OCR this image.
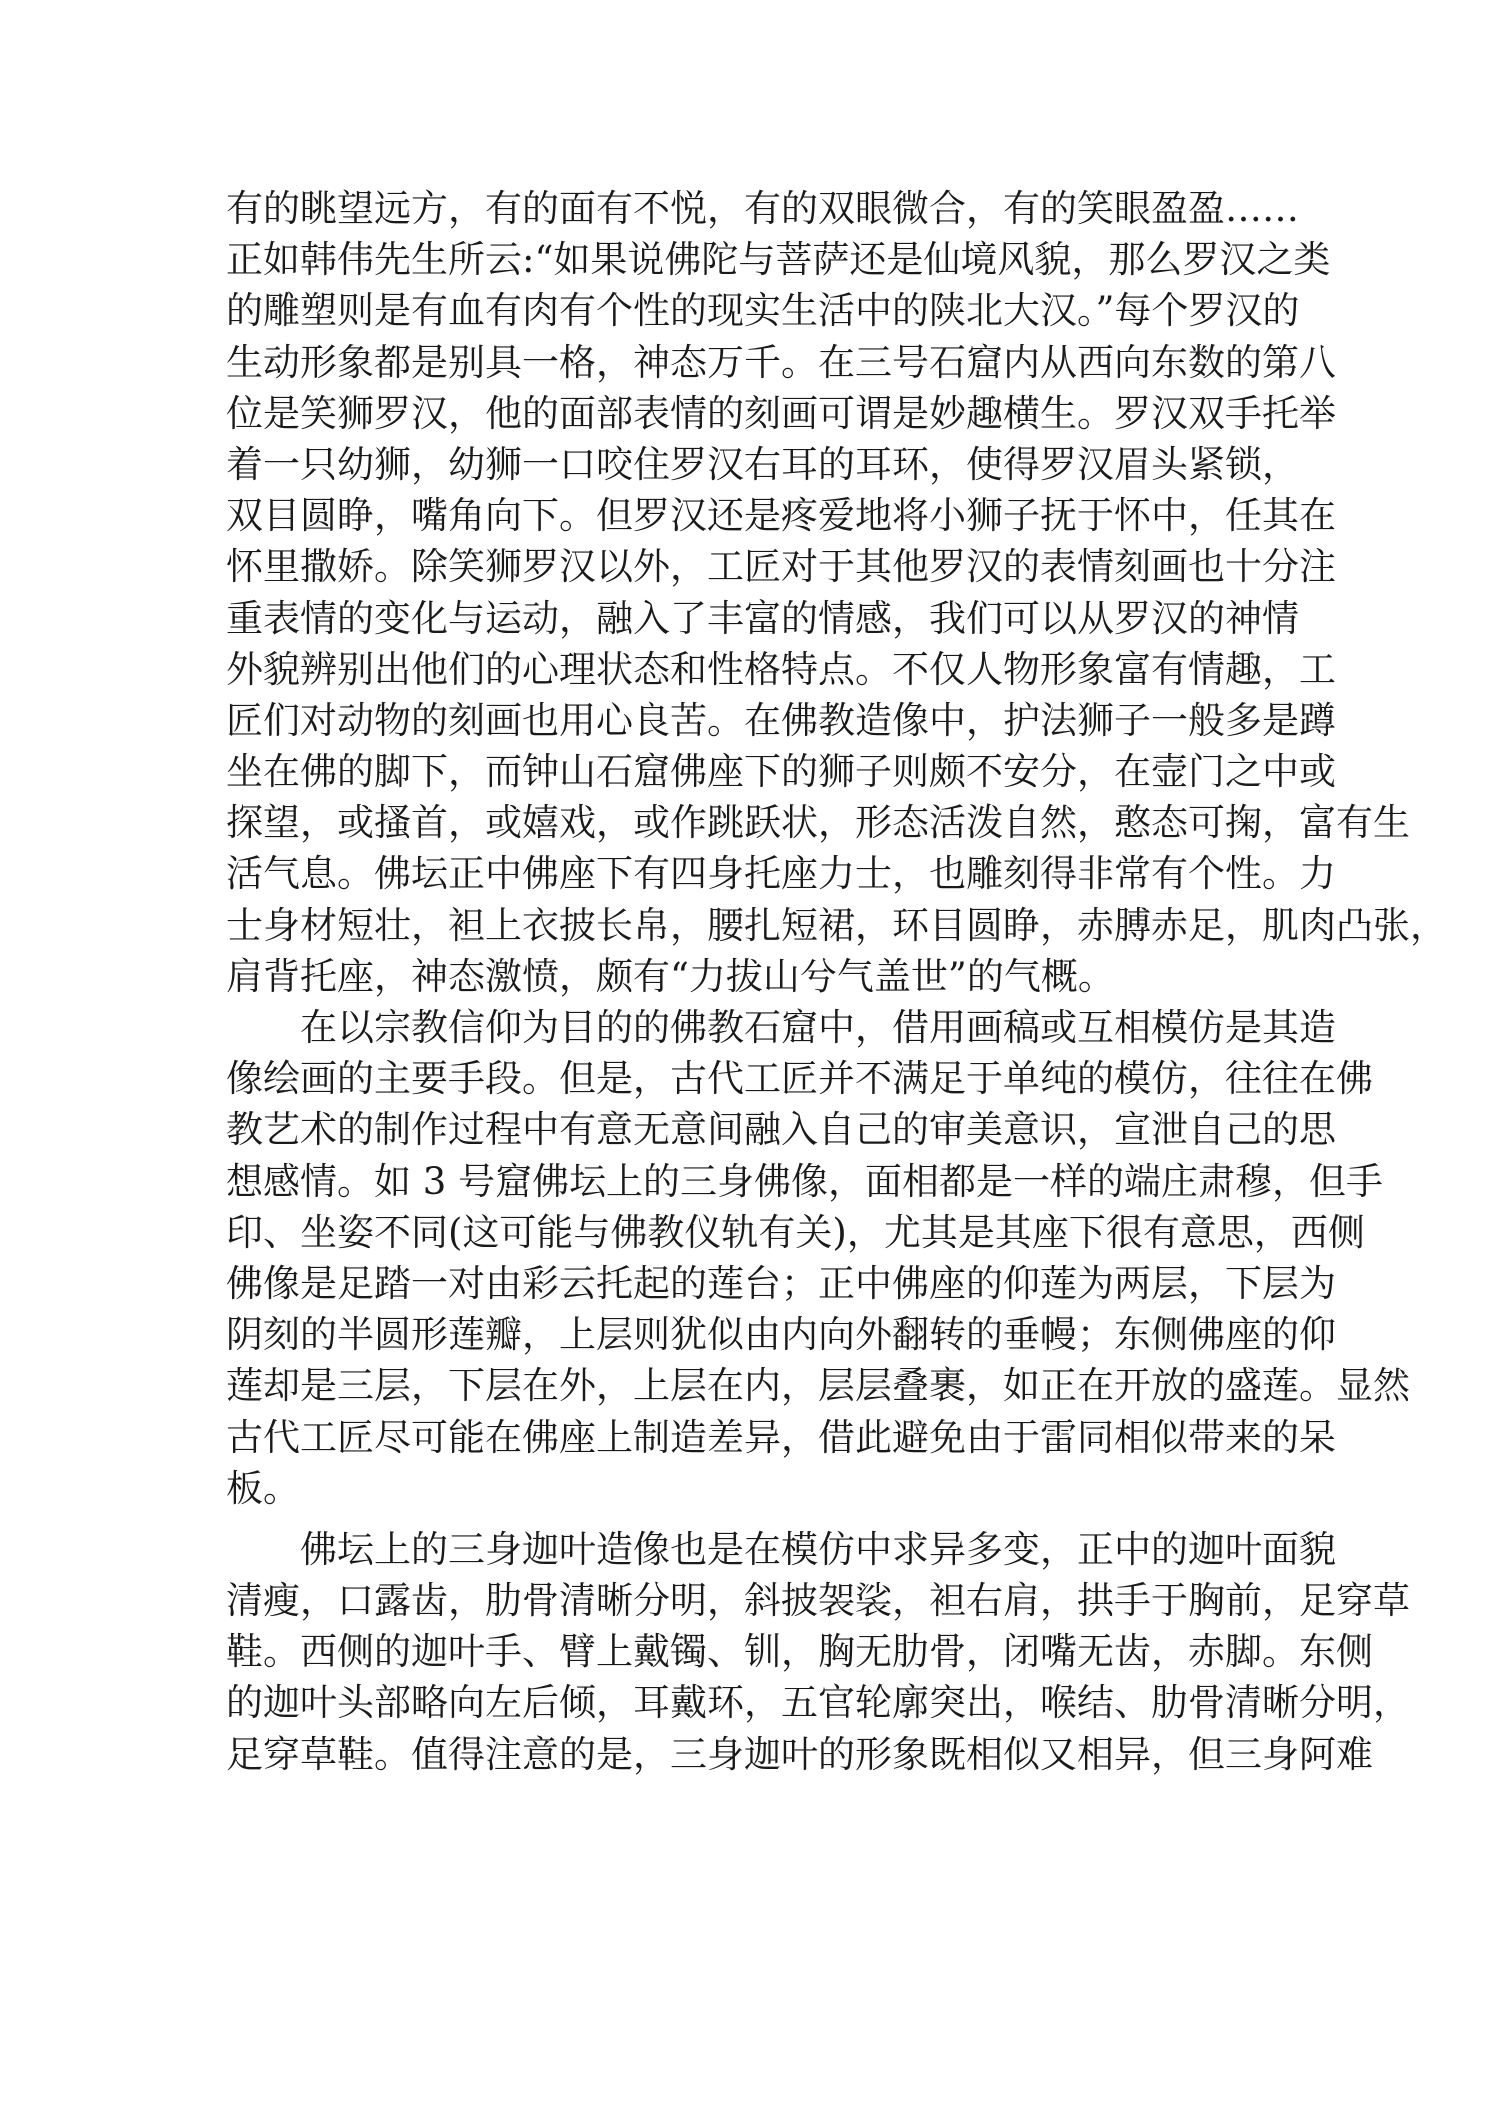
有的眺望远方，有的面有不悦，有的双眼微合，有的笑眼盈盈……
正如韩伟先生所云:“如果说佛陀与菩萨还是仙境风貌，那么罗汉之类
的雕塑则是有血有肉有个性的现实生活中的陕北大汉。”每个罗汉的
生动形象都是别具一格，神态万千。在三号石窟内从西向东数的第八
位是笑狮罗汉，他的面部表情的刻画可谓是妙趣横生。罗汉双手托举
着一只幼狮，幼狮一口咬住罗汉右耳的耳环，使得罗汉眉头紧锁，
双目圆睁，嘴角向下。但罗汉还是疼爱地将小狮子抚于怀中，任其在
怀里撒娇。除笑狮罗汉以外，工匠对于其他罗汉的表情刻画也十分注
重表情的变化与运动，融入了丰富的情感，我们可以从罗汉的神情
外貌辨别出他们的心理状态和性格特点。不仅人物形象富有情趣，工
匠们对动物的刻画也用心良苦。在佛教造像中，护法狮子一般多是蹲
坐在佛的脚下，而钟山石窟佛座下的狮子则颇不安分，在壸门之中或
探望，或搔首，或嬉戏，或作跳跃状，形态活泼自然，憨态可掬，富有生
活气息。佛坛正中佛座下有四身托座力士，也雕刻得非常有个性。力
士身材短壮，袒上衣披长帛，腰扎短裙，环目圆睁，赤膊赤足，肌肉凸张，
肩背托座，神态激愤，颇有“力拔山兮气盖世”的气概。
在以宗教信仰为目的的佛教石窟中，借用画稿或互相模仿是其造
像绘画的主要手段。但是，古代工匠并不满足于单纯的模仿，往往在佛
教艺术的制作过程中有意无意间融入自己的审美意识，宣泄自己的思
想感情。如 3 号窟佛坛上的三身佛像，面相都是一样的端庄肃穆，但手
印、坐姿不同(这可能与佛教仪轨有关)，尤其是其座下很有意思，西侧
佛像是足踏一对由彩云托起的莲台；正中佛座的仰莲为两层，下层为
阴刻的半圆形莲瓣，上层则犹似由内向外翻转的垂幔；东侧佛座的仰
莲却是三层，下层在外，上层在内，层层叠裹，如正在开放的盛莲。显然
古代工匠尽可能在佛座上制造差异，借此避免由于雷同相似带来的呆
板。
佛坛上的三身迦叶造像也是在模仿中求异多变，正中的迦叶面貌
清瘦，口露齿，肋骨清晰分明，斜披袈裟，袒右肩，拱手于胸前，足穿草
鞋。西侧的迦叶手、臂上戴镯、钏，胸无肋骨，闭嘴无齿，赤脚。东侧
的迦叶头部略向左后倾，耳戴环，五官轮廓突出，喉结、肋骨清晰分明，
足穿草鞋。值得注意的是，三身迦叶的形象既相似又相异，但三身阿难
